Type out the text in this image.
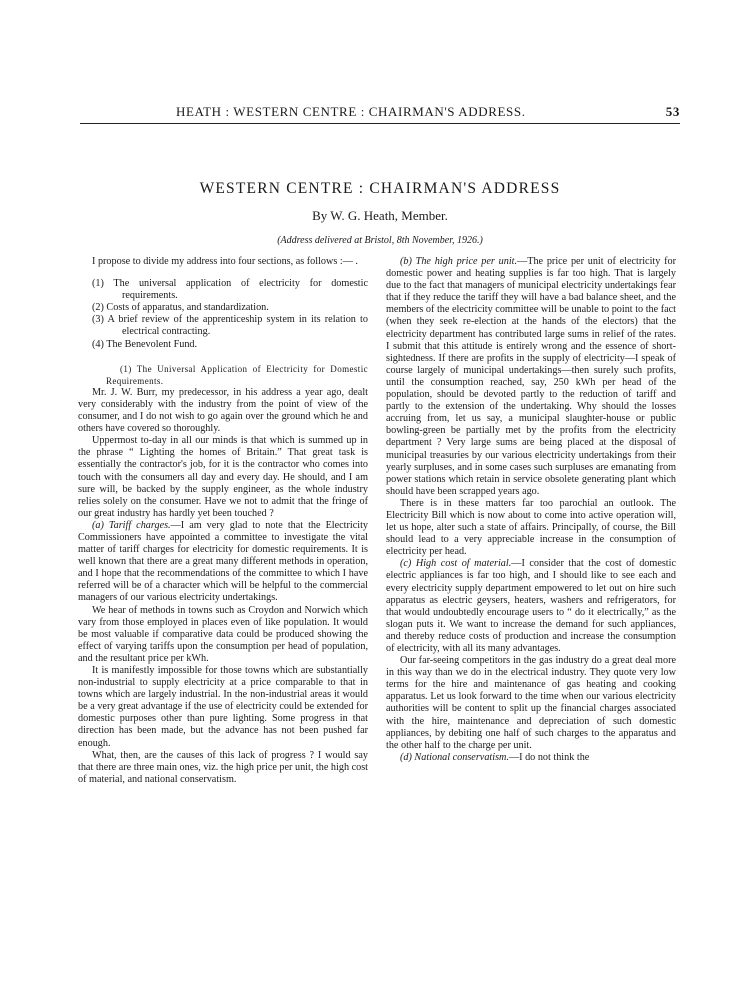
HEATH : WESTERN CENTRE : CHAIRMAN'S ADDRESS.	53
WESTERN CENTRE : CHAIRMAN'S ADDRESS
By W. G. Heath, Member.
(Address delivered at Bristol, 8th November, 1926.)

I propose to divide my address into four sections, as follows :— .

(1) The universal application of electricity for domestic requirements.
(2) Costs of apparatus, and standardization.
(3) A brief review of the apprenticeship system in its relation to electrical contracting.
(4) The Benevolent Fund.

(1) The Universal Application of Electricity for Domestic Requirements.

Mr. J. W. Burr, my predecessor, in his address a year ago, dealt very considerably with the industry from the point of view of the consumer, and I do not wish to go again over the ground which he and others have covered so thoroughly.

Uppermost to-day in all our minds is that which is summed up in the phrase “ Lighting the homes of Britain.” That great task is essentially the contractor's job, for it is the contractor who comes into touch with the consumers all day and every day. He should, and I am sure will, be backed by the supply engineer, as the whole industry relies solely on the consumer. Have we not to admit that the fringe of our great industry has hardly yet been touched ?

(a) Tariff charges.—I am very glad to note that the Electricity Commissioners have appointed a committee to investigate the vital matter of tariff charges for electricity for domestic requirements. It is well known that there are a great many different methods in operation, and I hope that the recommendations of the committee to which I have referred will be of a character which will be helpful to the commercial managers of our various electricity undertakings.

We hear of methods in towns such as Croydon and Norwich which vary from those employed in places even of like population. It would be most valuable if comparative data could be produced showing the effect of varying tariffs upon the consumption per head of population, and the resultant price per kWh.

It is manifestly impossible for those towns which are substantially non-industrial to supply electricity at a price comparable to that in towns which are largely industrial. In the non-industrial areas it would be a very great advantage if the use of electricity could be extended for domestic purposes other than pure lighting. Some progress in that direction has been made, but the advance has not been pushed far enough.

What, then, are the causes of this lack of progress ? I would say that there are three main ones, viz. the high price per unit, the high cost of material, and national conservatism.

(b) The high price per unit.—The price per unit of electricity for domestic power and heating supplies is far too high. That is largely due to the fact that managers of municipal electricity undertakings fear that if they reduce the tariff they will have a bad balance sheet, and the members of the electricity committee will be unable to point to the fact (when they seek re-election at the hands of the electors) that the electricity department has contributed large sums in relief of the rates. I submit that this attitude is entirely wrong and the essence of short-sightedness. If there are profits in the supply of electricity—I speak of course largely of municipal undertakings—then surely such profits, until the consumption reached, say, 250 kWh per head of the population, should be devoted partly to the reduction of tariff and partly to the extension of the undertaking. Why should the losses accruing from, let us say, a municipal slaughter-house or public bowling-green be partially met by the profits from the electricity department ? Very large sums are being placed at the disposal of municipal treasuries by our various electricity undertakings from their yearly surpluses, and in some cases such surpluses are emanating from power stations which retain in service obsolete generating plant which should have been scrapped years ago.

There is in these matters far too parochial an outlook. The Electricity Bill which is now about to come into active operation will, let us hope, alter such a state of affairs. Principally, of course, the Bill should lead to a very appreciable increase in the consumption of electricity per head.

(c) High cost of material.—I consider that the cost of domestic electric appliances is far too high, and I should like to see each and every electricity supply department empowered to let out on hire such apparatus as electric geysers, heaters, washers and refrigerators, for that would undoubtedly encourage users to “ do it electrically,” as the slogan puts it. We want to increase the demand for such appliances, and thereby reduce costs of production and increase the consumption of electricity, with all its many advantages.

Our far-seeing competitors in the gas industry do a great deal more in this way than we do in the electrical industry. They quote very low terms for the hire and maintenance of gas heating and cooking apparatus. Let us look forward to the time when our various electricity authorities will be content to split up the financial charges associated with the hire, maintenance and depreciation of such domestic appliances, by debiting one half of such charges to the apparatus and the other half to the charge per unit.

(d) National conservatism.—I do not think the
